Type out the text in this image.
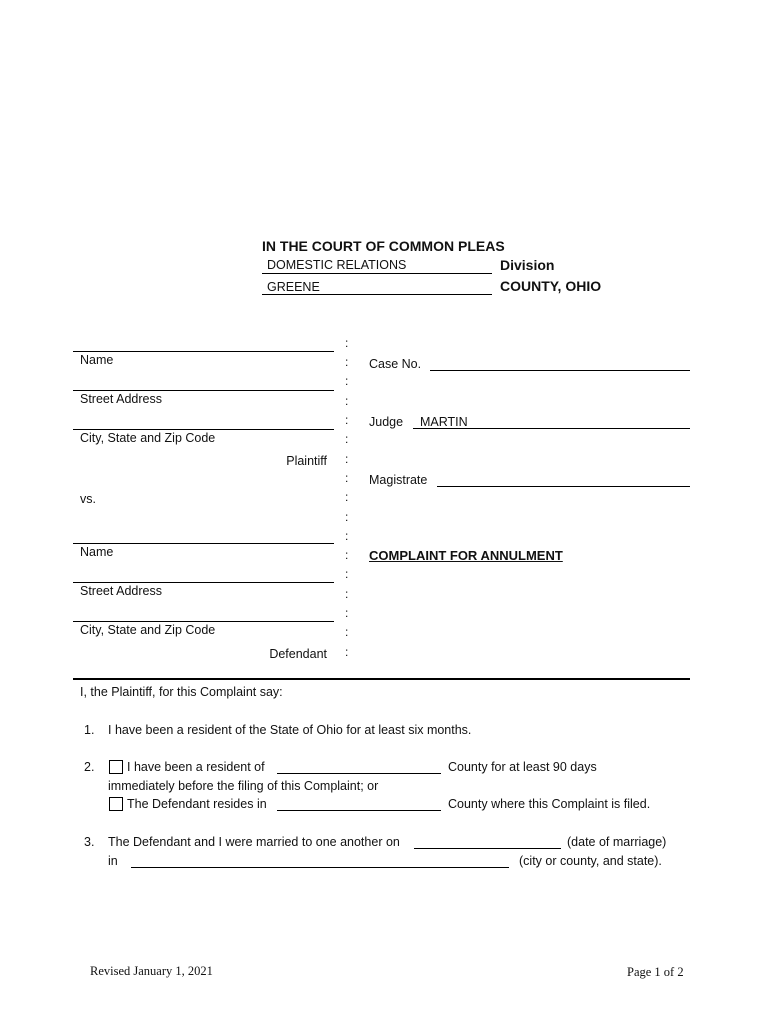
IN THE COURT OF COMMON PLEAS
DOMESTIC RELATIONS	Division
GREENE	COUNTY, OHIO
Name
Street Address
City, State and Zip Code
Plaintiff
vs.
Name
Street Address
City, State and Zip Code
Defendant
:
:
:
:
:
:
:
:
:
:
:
:
:
:
:
:
:
Case No.
Judge MARTIN
Magistrate
COMPLAINT FOR ANNULMENT
I, the Plaintiff, for this Complaint say:
1. I have been a resident of the State of Ohio for at least six months.
2.	I have been a resident of	County for at least 90 days
immediately before the filing of this Complaint; or
The Defendant resides in	County where this Complaint is filed.
3. The Defendant and I were married to one another on	(date of marriage)
in	(city or county, and state).
Revised January 1, 2021	Page 1 of 2
